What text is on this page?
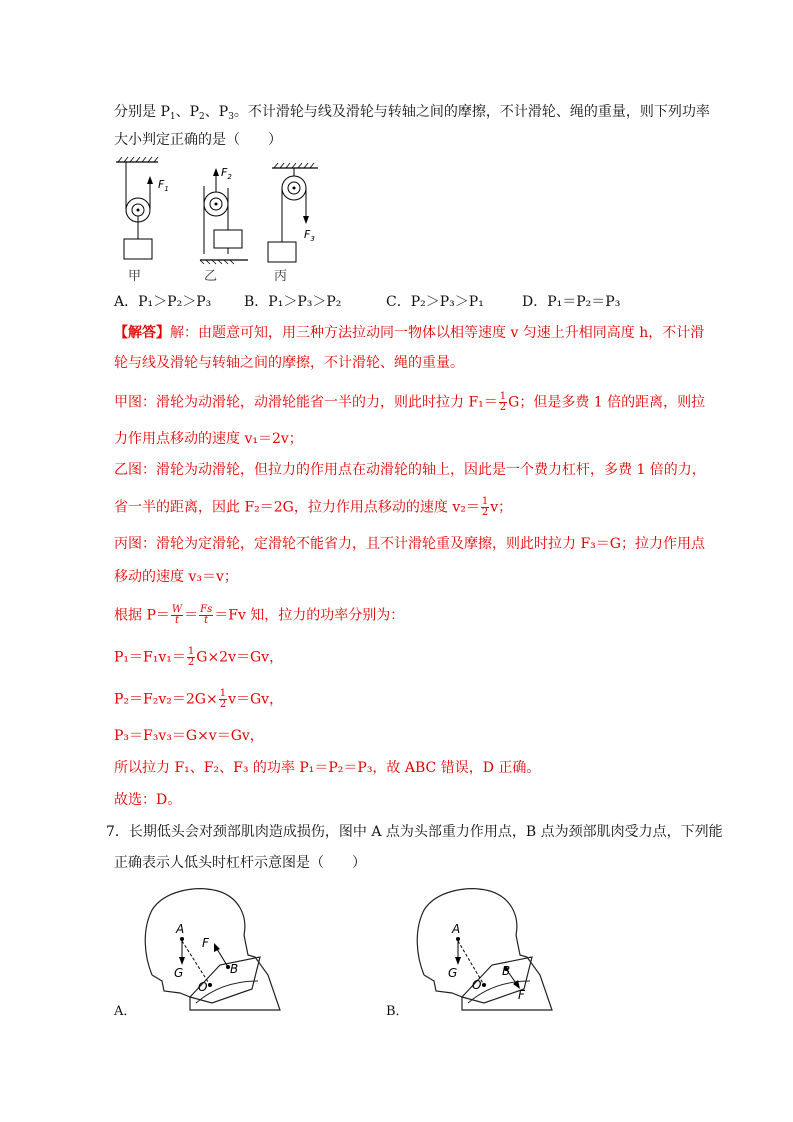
分别是 $P_1$、$P_2$、$P_3$。不计滑轮与线及滑轮与转轴之间的摩擦，不计滑轮、绳的重量，则下列功率
大小判定正确的是（　　）
$F_1$
$F_2$
$F_3$
甲	乙	丙
A．P₁＞P₂＞P₃ B．P₁＞P₃＞P₂	C．P₂＞P₃＞P₁	D．P₁＝P₂＝P₃
【解答】解：由题意可知，用三种方法拉动同一物体以相等速度 v 匀速上升相同高度 h，不计滑
轮与线及滑轮与转轴之间的摩擦，不计滑轮、绳的重量。
甲图：滑轮为动滑轮，动滑轮能省一半的力，则此时拉力 $F_1= \frac{1}{2}$ G；但是多费 1 倍的距离，则拉
力作用点移动的速度 v₁＝2v；
乙图：滑轮为动滑轮，但拉力的作用点在动滑轮的轴上，因此是一个费力杠杆，多费 1 倍的力，
省一半的距离，因此 F₂＝2G，拉力作用点移动的速度 $v_2= \frac{1}{2}$ v；
丙图：滑轮为定滑轮，定滑轮不能省力，且不计滑轮重及摩擦，则此时拉力 F₃＝G；拉力作用点
移动的速度 v₃＝v；
根据 $P= \frac{W}{t} = \frac{Fs}{t} =Fv$ 知，拉力的功率分别为：
$P_1=F_1v_1= \frac{1}{2} G\times 2v=Gv$，
$P_2=F_2v_2=2G\times \frac{1}{2} v=Gv$，
P₃＝F₃v₃＝G×v＝Gv，
所以拉力 F₁、F₂、F₃ 的功率 P₁＝P₂＝P₃，故 ABC 错误，D 正确。
故选：D。
7．长期低头会对颈部肌肉造成损伤，图中 A 点为头部重力作用点，B 点为颈部肌肉受力点，下列能
正确表示人低头时杠杆示意图是（　　）
A
G
F
B
O
A．
A
G	B
O
F
B．
